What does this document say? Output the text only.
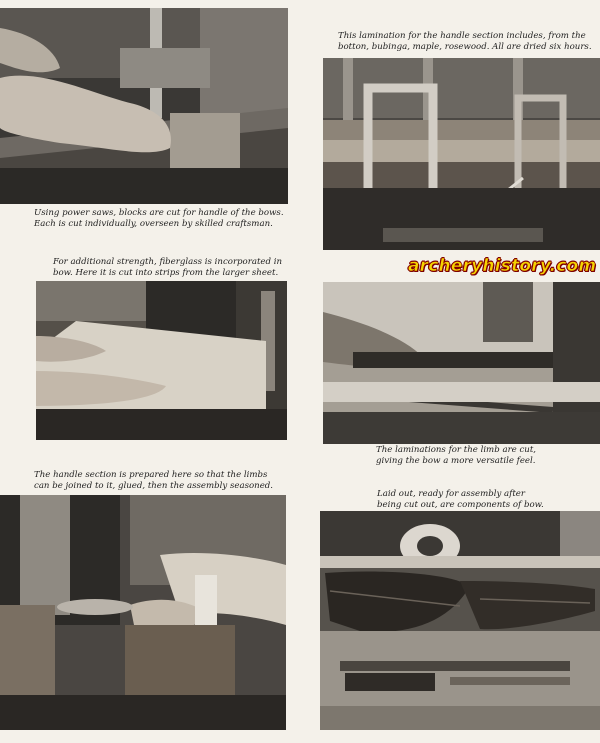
Using power saws, blocks are cut for handle of the bows.
Each is cut individually, overseen by skilled craftsman.
This lamination for the handle section includes, from the
botton, bubinga, maple, rosewood. All are dried six hours.
archeryhistory.com
For additional strength, fiberglass is incorporated in
bow. Here it is cut into strips from the larger sheet.
The laminations for the limb are cut,
giving the bow a more versatile feel.
The handle section is prepared here so that the limbs
can be joined to it, glued, then the assembly seasoned.
Laid out, ready for assembly after
being cut out, are components of bow.
